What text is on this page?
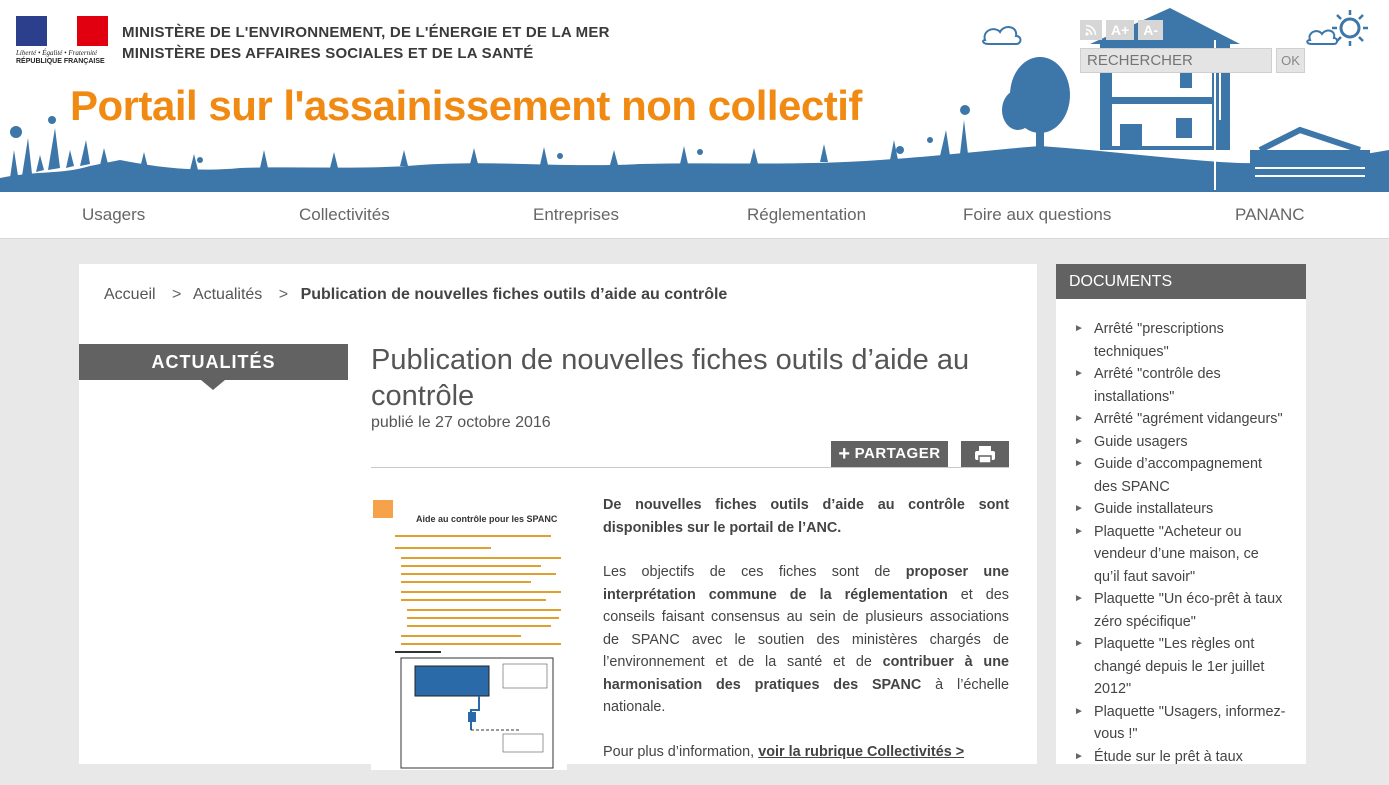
Liberté • Égalité • Fraternité
RÉPUBLIQUE FRANÇAISE
MINISTÈRE DE L'ENVIRONNEMENT, DE L'ÉNERGIE ET DE LA MER
MINISTÈRE DES AFFAIRES SOCIALES ET DE LA SANTÉ
Portail sur l'assainissement non collectif
A+	A-
RECHERCHER
OK
Usagers	Collectivités	Entreprises	Réglementation	Foire aux questions	PANANC
Accueil > Actualités > Publication de nouvelles fiches outils d’aide au contrôle
ACTUALITÉS	Publication de nouvelles fiches outils d’aide au contrôle
publié le 27 octobre 2016
+ PARTAGER
Aide au contrôle pour les SPANC

De nouvelles fiches outils d’aide au contrôle sont disponibles sur le portail de l’ANC.

Les objectifs de ces fiches sont de proposer une interprétation commune de la réglementation et des conseils faisant consensus au sein de plusieurs associations de SPANC avec le soutien des ministères chargés de l’environnement et de la santé et de contribuer à une harmonisation des pratiques des SPANC à l’échelle nationale.

Pour plus d’information, voir la rubrique Collectivités >

DOCUMENTS
► Arrêté "prescriptions techniques"
► Arrêté "contrôle des installations"
► Arrêté "agrément vidangeurs"
► Guide usagers
► Guide d’accompagnement des SPANC
► Guide installateurs
► Plaquette "Acheteur ou vendeur d’une maison, ce qu’il faut savoir"
► Plaquette "Un éco-prêt à taux zéro spécifique"
► Plaquette "Les règles ont changé depuis le 1er juillet 2012"
► Plaquette "Usagers, informez-vous !"
► Étude sur le prêt à taux
